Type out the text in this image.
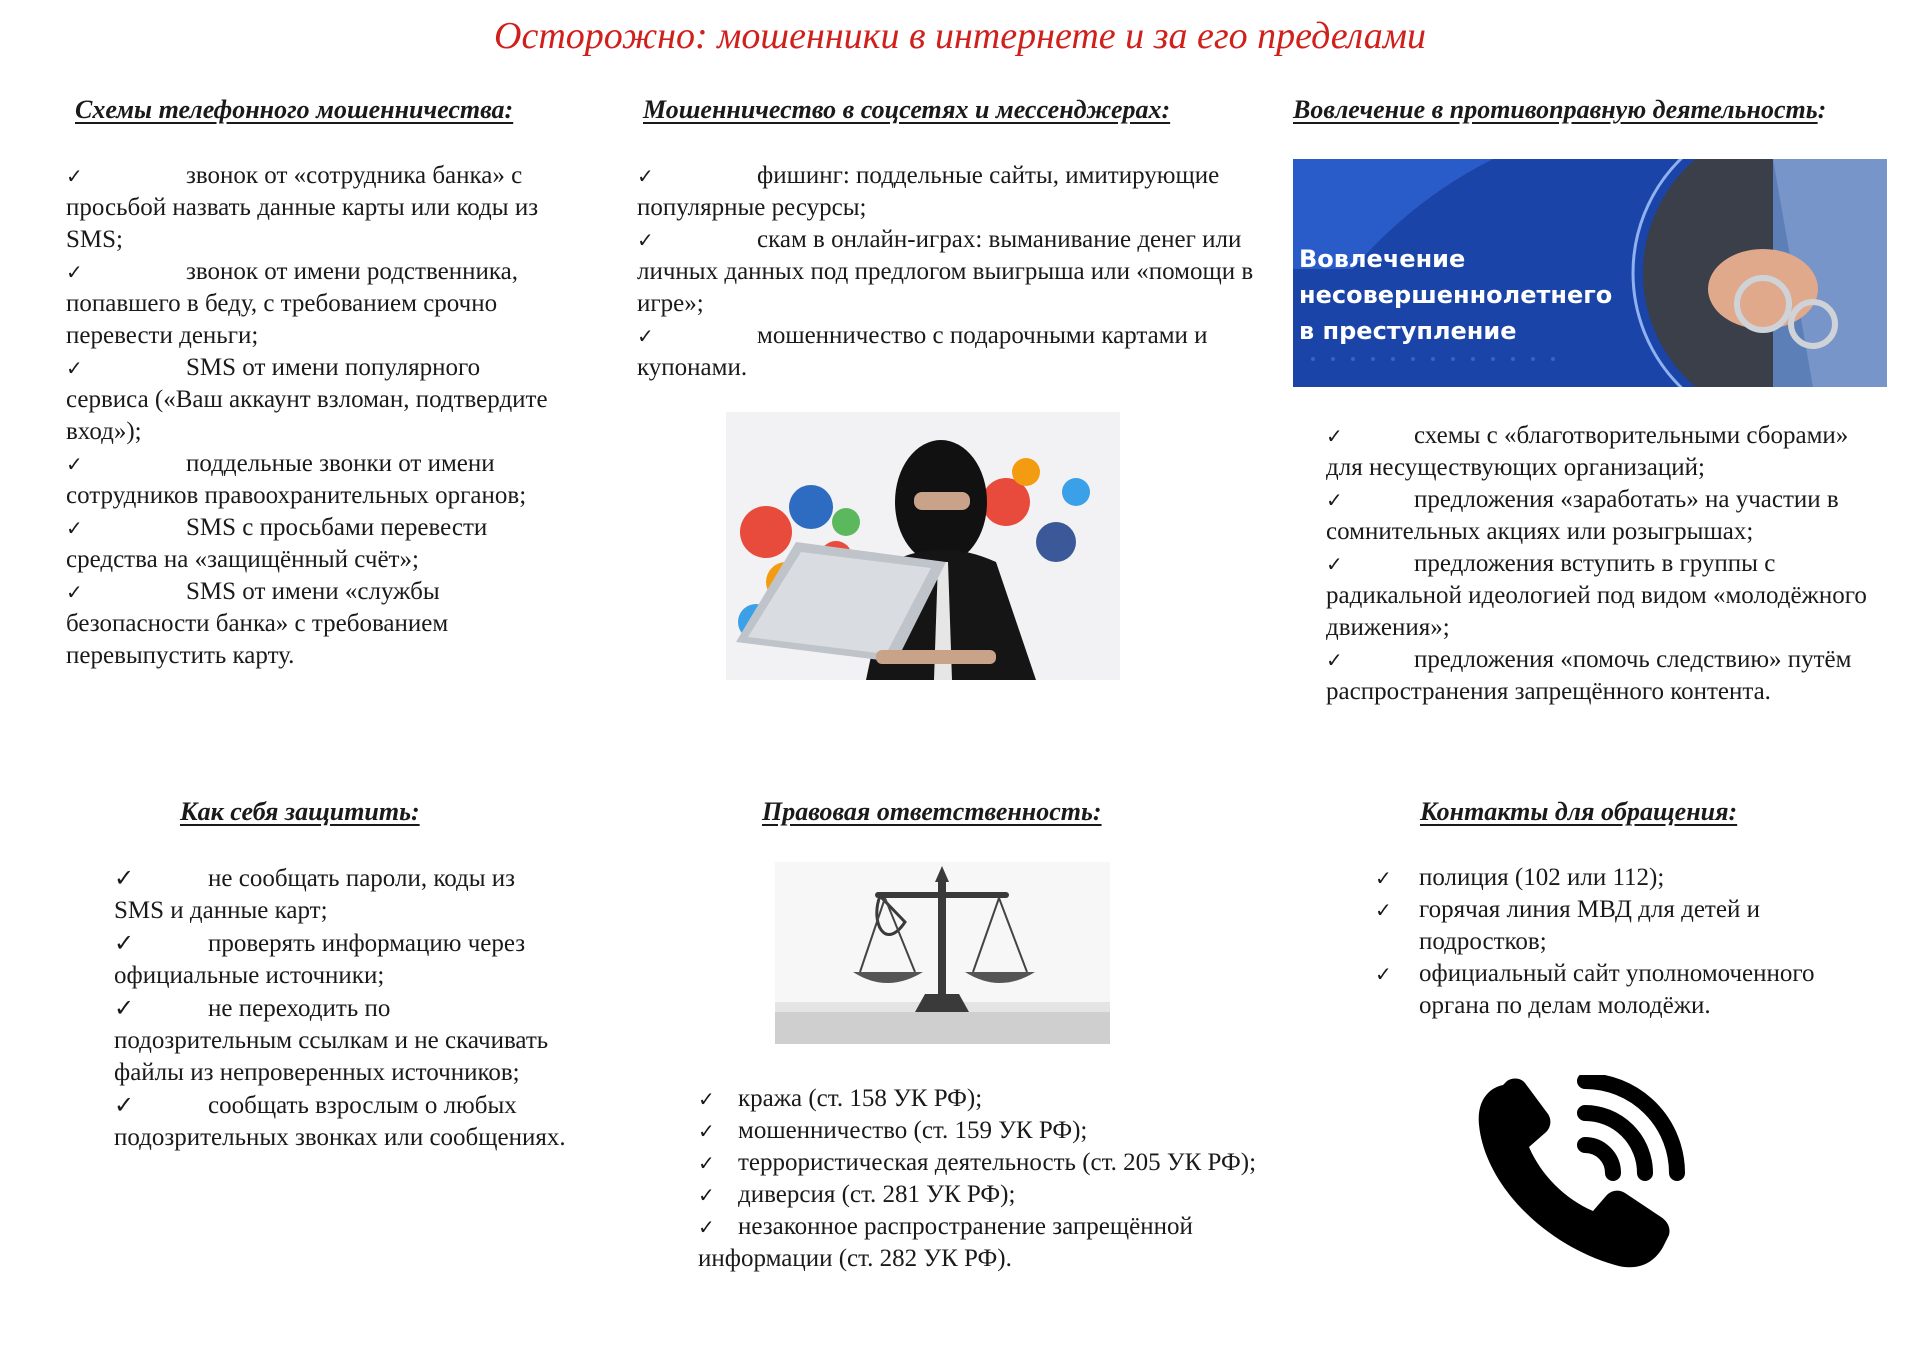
Осторожно: мошенники в интернете и за его пределами
Схемы телефонного мошенничества:
✓	звонок от «сотрудника банка» с просьбой назвать данные карты или коды из SMS;
✓	звонок от имени родственника, попавшего в беду, с требованием срочно перевести деньги;
✓	SMS от имени популярного сервиса («Ваш аккаунт взломан, подтвердите вход»);
✓	поддельные звонки от имени сотрудников правоохранительных органов;
✓	SMS с просьбами перевести средства на «защищённый счёт»;
✓	SMS от имени «службы безопасности банка» с требованием перевыпустить карту.
Мошенничество в соцсетях и мессенджерах:
✓	фишинг: поддельные сайты, имитирующие популярные ресурсы;
✓	скам в онлайн-играх: выманивание денег или личных данных под предлогом выигрыша или «помощи в игре»;
✓	мошенничество с подарочными картами и купонами.
Вовлечение в противоправную деятельность:
Вовлечение
несовершеннолетнего
в преступление
✓	схемы с «благотворительными сборами» для несуществующих организаций;
✓	предложения «заработать» на участии в сомнительных акциях или розыгрышах;
✓	предложения вступить в группы с радикальной идеологией под видом «молодёжного движения»;
✓	предложения «помочь следствию» путём распространения запрещённого контента.
Как себя защитить:
✓	не сообщать пароли, коды из SMS и данные карт;
✓	проверять информацию через официальные источники;
✓	не переходить по подозрительным ссылкам и не скачивать файлы из непроверенных источников;
✓	сообщать взрослым о любых подозрительных звонках или сообщениях.
Правовая ответственность:
✓ кража (ст. 158 УК РФ);
✓ мошенничество (ст. 159 УК РФ);
✓ террористическая деятельность (ст. 205 УК РФ);
✓ диверсия (ст. 281 УК РФ);
✓ незаконное распространение запрещённой информации (ст. 282 УК РФ).
Контакты для обращения:
✓	полиция (102 или 112);
✓	горячая линия МВД для детей и подростков;
✓	официальный сайт уполномоченного органа по делам молодёжи.
